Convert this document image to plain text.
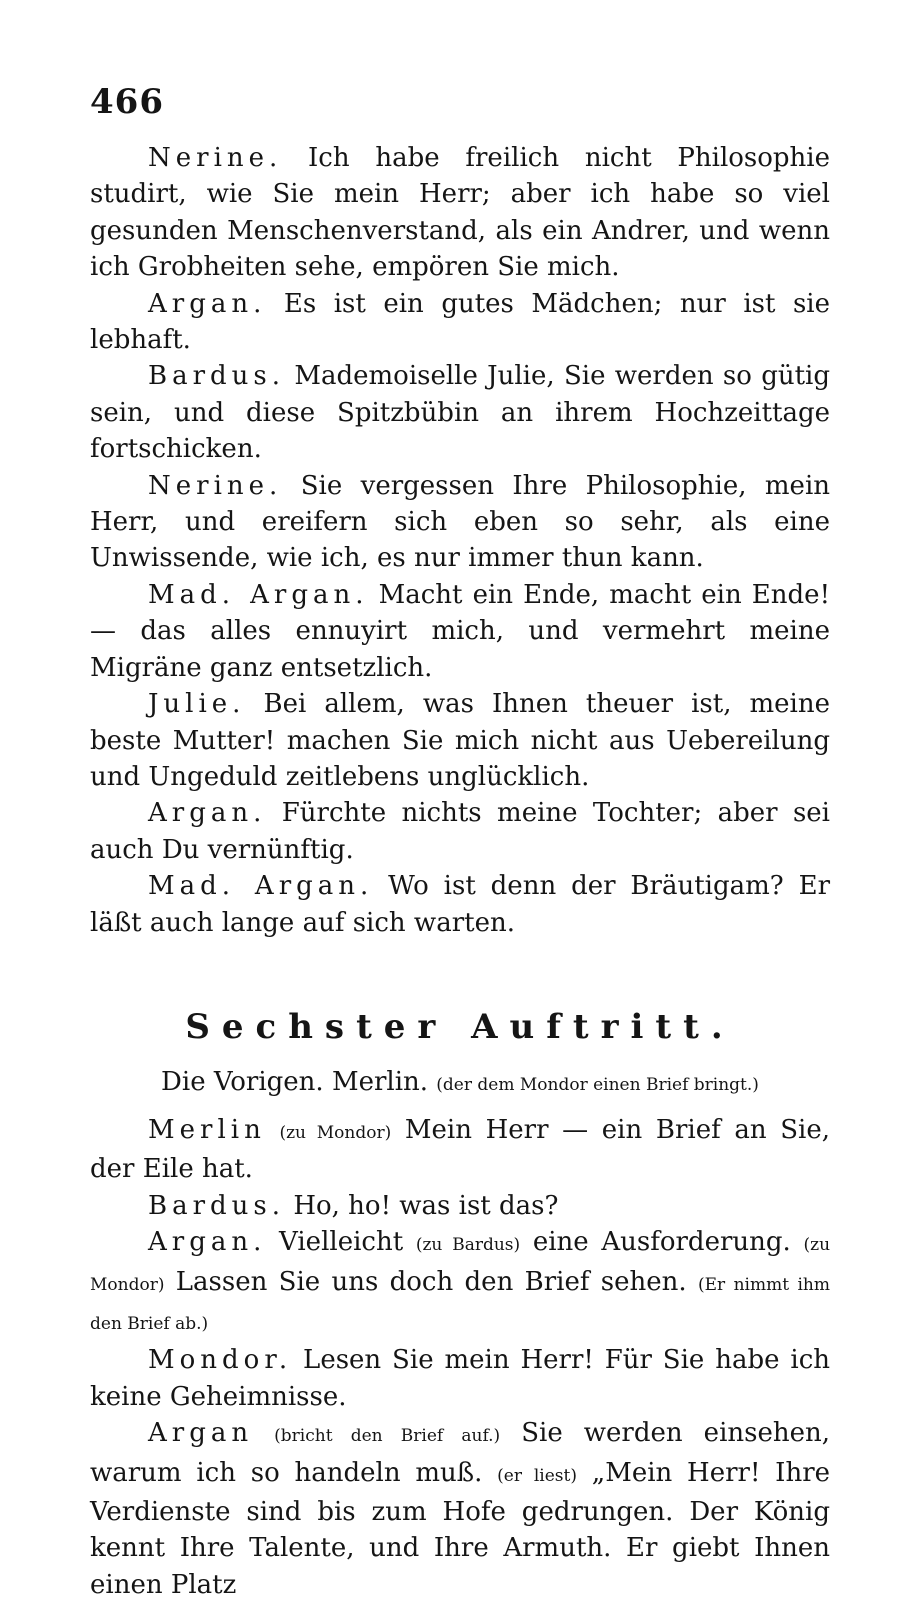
466

Nerine. Ich habe freilich nicht Philosophie studirt, wie Sie mein Herr; aber ich habe so viel gesunden Menschenverstand, als ein Andrer, und wenn ich Grobheiten sehe, empören Sie mich.

Argan. Es ist ein gutes Mädchen; nur ist sie lebhaft.

Bardus. Mademoiselle Julie, Sie werden so gütig sein, und diese Spitzbübin an ihrem Hochzeittage fortschicken.

Nerine. Sie vergessen Ihre Philosophie, mein Herr, und ereifern sich eben so sehr, als eine Unwissende, wie ich, es nur immer thun kann.

Mad. Argan. Macht ein Ende, macht ein Ende! — das alles ennuyirt mich, und vermehrt meine Migräne ganz entsetzlich.

Julie. Bei allem, was Ihnen theuer ist, meine beste Mutter! machen Sie mich nicht aus Uebereilung und Ungeduld zeitlebens unglücklich.

Argan. Fürchte nichts meine Tochter; aber sei auch Du vernünftig.

Mad. Argan. Wo ist denn der Bräutigam? Er läßt auch lange auf sich warten.

Sechster Auftritt.
Die Vorigen. Merlin. (der dem Mondor einen Brief bringt.)

Merlin (zu Mondor) Mein Herr — ein Brief an Sie, der Eile hat.

Bardus. Ho, ho! was ist das?

Argan. Vielleicht (zu Bardus) eine Ausforderung. (zu Mondor) Lassen Sie uns doch den Brief sehen. (Er nimmt ihm den Brief ab.)

Mondor. Lesen Sie mein Herr! Für Sie habe ich keine Geheimnisse.

Argan (bricht den Brief auf.) Sie werden einsehen, warum ich so handeln muß. (er liest) „Mein Herr! Ihre Verdienste sind bis zum Hofe gedrungen. Der König kennt Ihre Talente, und Ihre Armuth. Er giebt Ihnen einen Platz
